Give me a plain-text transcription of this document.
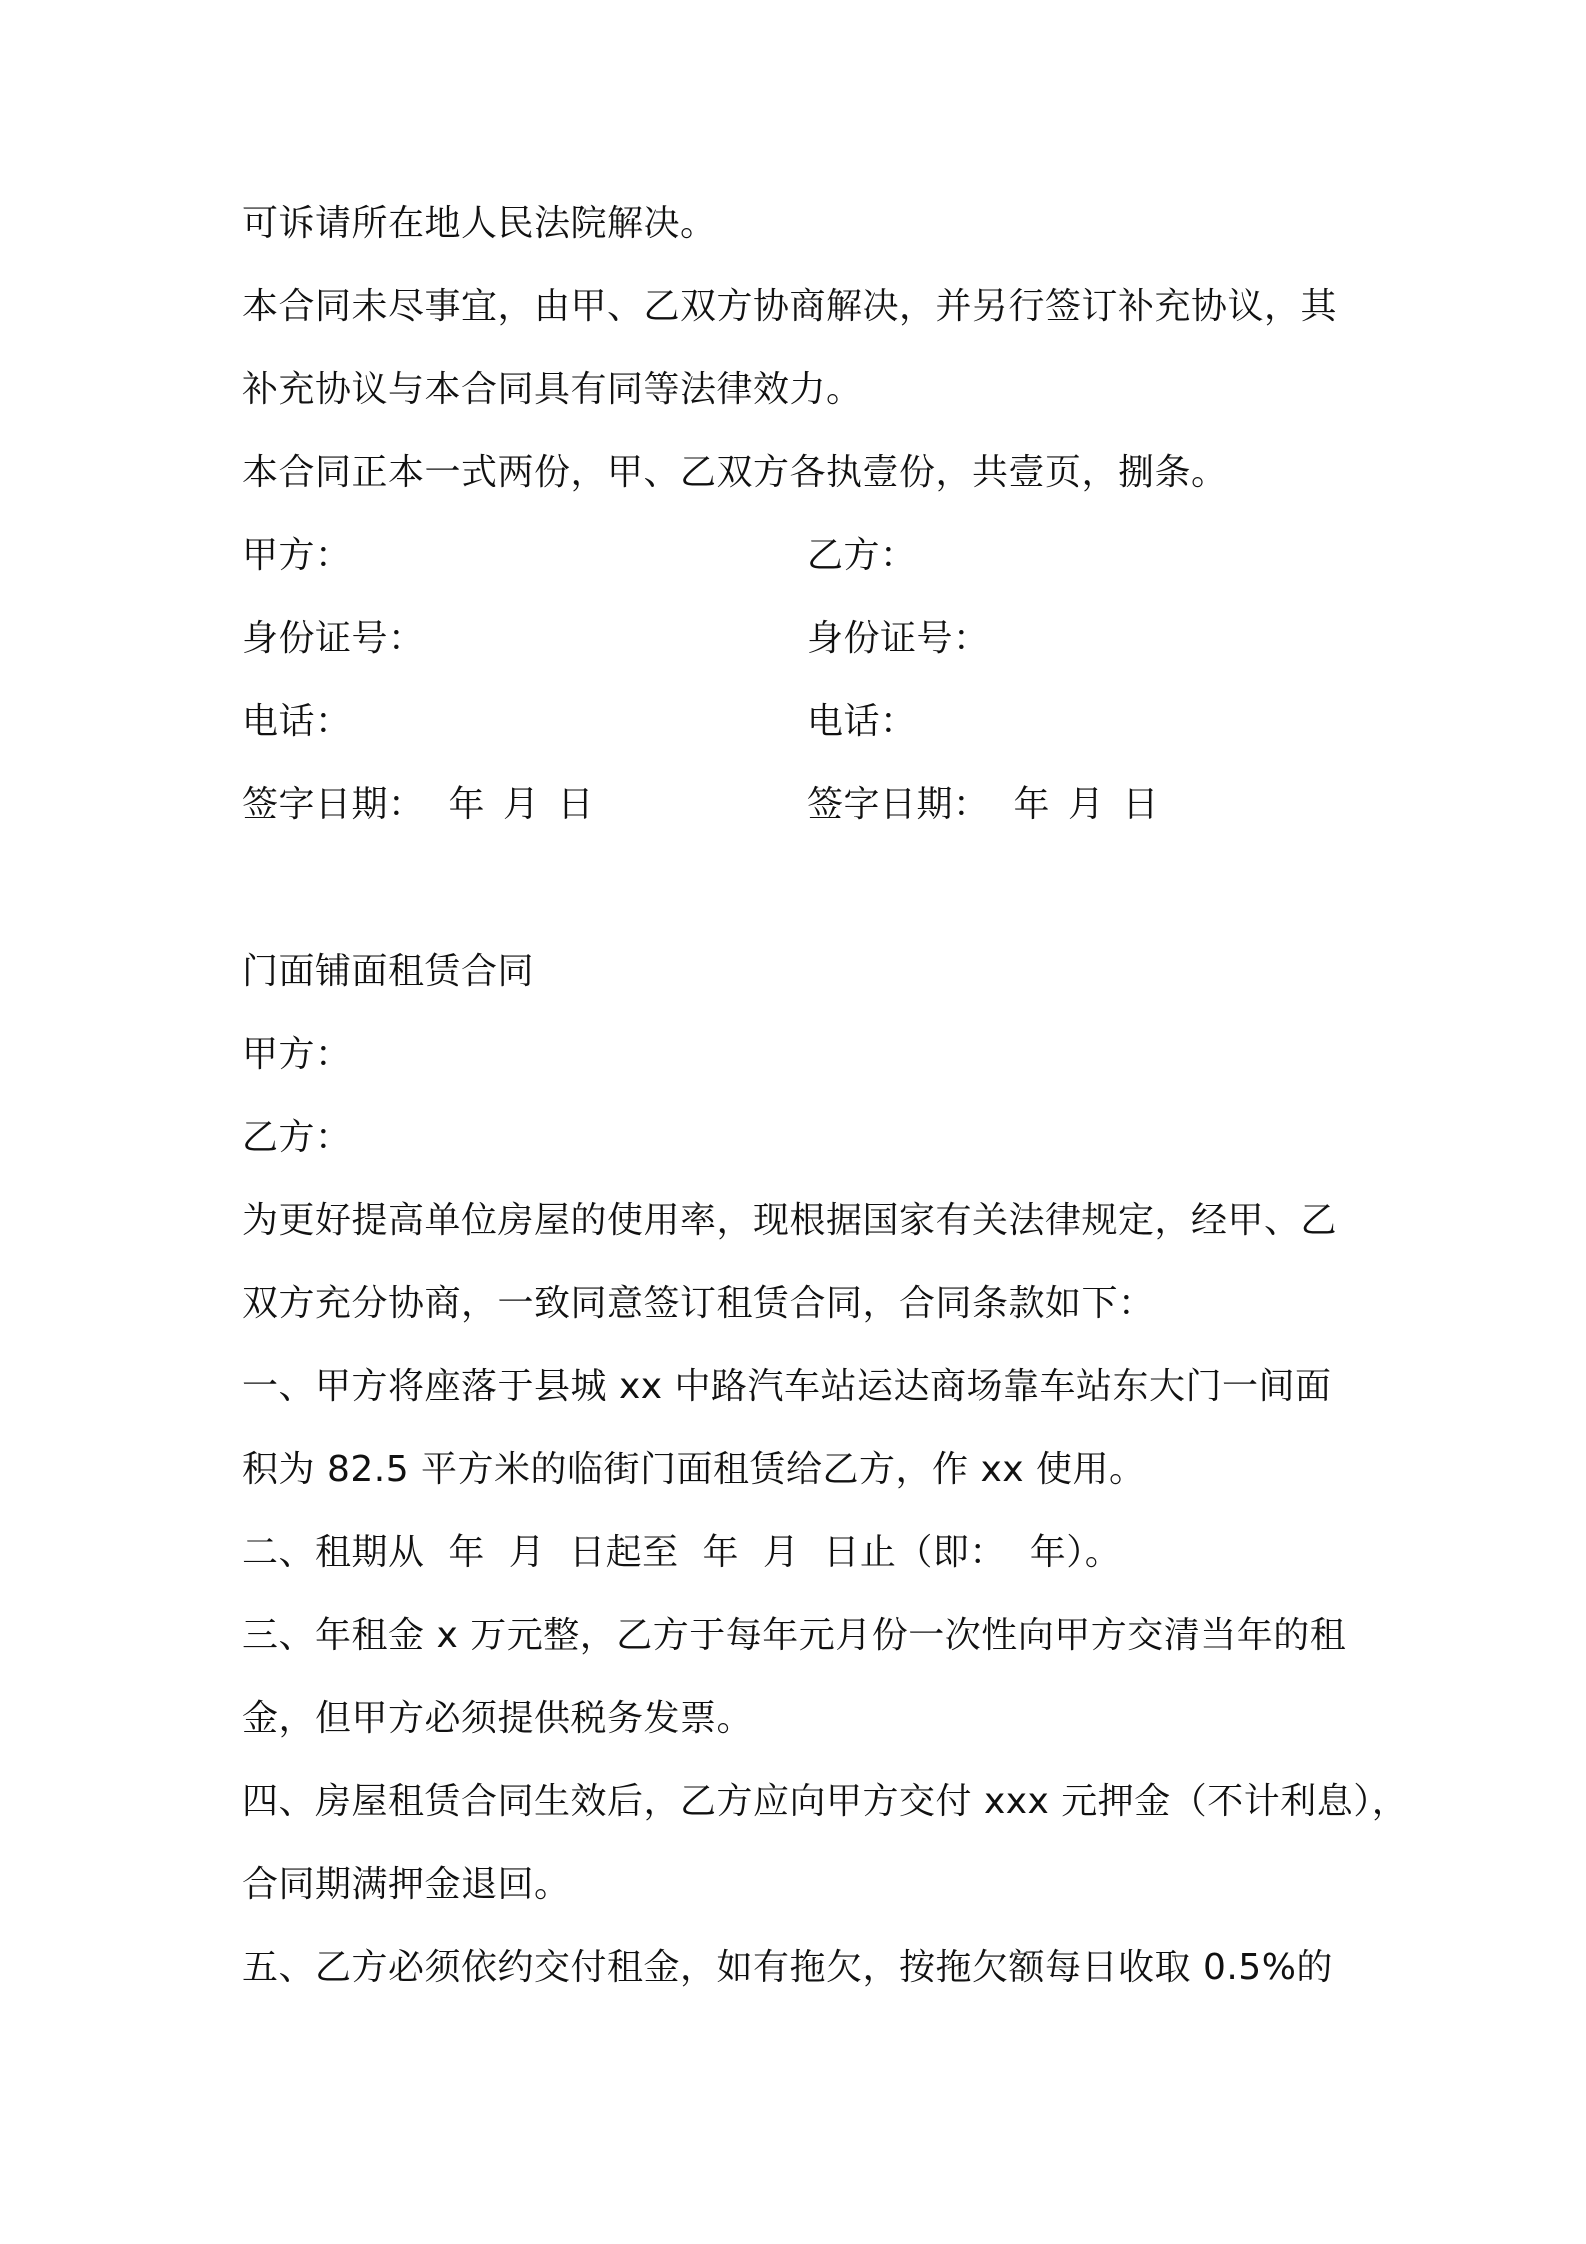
可诉请所在地人民法院解决。
本合同未尽事宜，由甲、乙双方协商解决，并另行签订补充协议，其
补充协议与本合同具有同等法律效力。
本合同正本一式两份，甲、乙双方各执壹份，共壹页，捌条。
甲方：	乙方：
身份证号：	身份证号：
电话：	电话：
签字日期： 年 月 日	签字日期： 年 月 日
门面铺面租赁合同
甲方：
乙方：
为更好提高单位房屋的使用率，现根据国家有关法律规定，经甲、乙
双方充分协商，一致同意签订租赁合同，合同条款如下：
一、甲方将座落于县城 xx 中路汽车站运达商场靠车站东大门一间面
积为 82.5 平方米的临街门面租赁给乙方，作 xx 使用。
二、租期从  年  月  日起至  年  月  日止（即：  年）。
三、年租金 x 万元整，乙方于每年元月份一次性向甲方交清当年的租
金，但甲方必须提供税务发票。
四、房屋租赁合同生效后，乙方应向甲方交付 xxx 元押金（不计利息），
合同期满押金退回。
五、乙方必须依约交付租金，如有拖欠，按拖欠额每日收取 0.5%的
